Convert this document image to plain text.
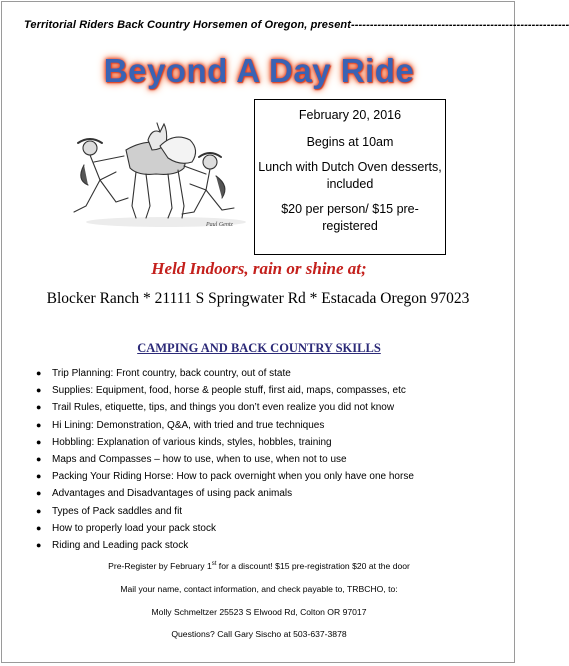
Territorial Riders Back Country Horsemen of Oregon, present----------------------------------------------------------
Beyond A Day Ride
Paul Gentz
February 20, 2016
Begins at 10am
Lunch with Dutch Oven desserts, included
$20 per person/ $15 pre-registered
Held Indoors, rain or shine at;
Blocker Ranch * 21111 S Springwater Rd * Estacada Oregon 97023
CAMPING AND BACK COUNTRY SKILLS
● Trip Planning: Front country, back country, out of state
● Supplies: Equipment, food, horse & people stuff, first aid, maps, compasses, etc
● Trail Rules, etiquette, tips, and things you don’t even realize you did not know
● Hi Lining: Demonstration, Q&A, with tried and true techniques
● Hobbling: Explanation of various kinds, styles, hobbles, training
● Maps and Compasses – how to use, when to use, when not to use
● Packing Your Riding Horse: How to pack overnight when you only have one horse
● Advantages and Disadvantages of using pack animals
● Types of Pack saddles and fit
● How to properly load your pack stock
● Riding and Leading pack stock
Pre-Register by February 1st for a discount! $15 pre-registration $20 at the door
Mail your name, contact information, and check payable to, TRBCHO, to:
Molly Schmeltzer 25523 S Elwood Rd, Colton OR 97017
Questions? Call Gary Sischo at 503-637-3878
